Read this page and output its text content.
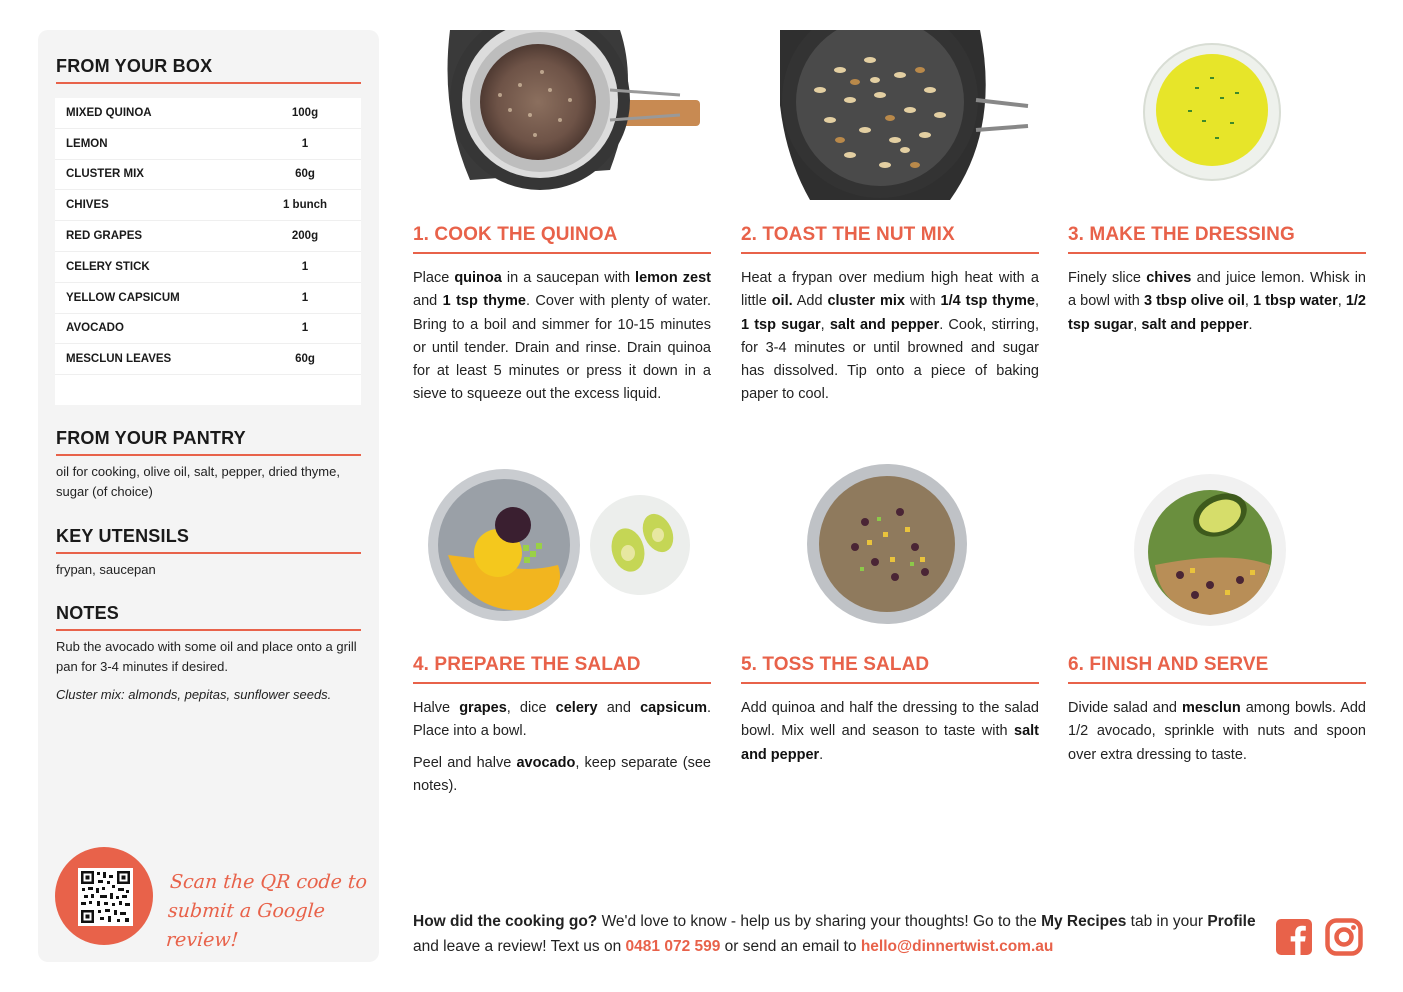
FROM YOUR BOX
MIXED QUINOA	100g
LEMON	1
CLUSTER MIX	60g
CHIVES	1 bunch
RED GRAPES	200g
CELERY STICK	1
YELLOW CAPSICUM	1
AVOCADO	1
MESCLUN LEAVES	60g
FROM YOUR PANTRY
oil for cooking, olive oil, salt, pepper, dried thyme, sugar (of choice)
KEY UTENSILS
frypan, saucepan
NOTES
Rub the avocado with some oil and place onto a grill pan for 3-4 minutes if desired.
Cluster mix: almonds, pepitas, sunflower seeds.
Scan the QR code to
submit a Google review!
1. COOK THE QUINOA

Place quinoa in a saucepan with lemon zest and 1 tsp thyme. Cover with plenty of water. Bring to a boil and simmer for 10-15 minutes or until tender. Drain and rinse. Drain quinoa for at least 5 minutes or press it down in a sieve to squeeze out the excess liquid.

2. TOAST THE NUT MIX

Heat a frypan over medium high heat with a little oil. Add cluster mix with 1/4 tsp thyme, 1 tsp sugar, salt and pepper. Cook, stirring, for 3-4 minutes or until browned and sugar has dissolved. Tip onto a piece of baking paper to cool.

3. MAKE THE DRESSING

Finely slice chives and juice lemon. Whisk in a bowl with 3 tbsp olive oil, 1 tbsp water, 1/2 tsp sugar, salt and pepper.

4. PREPARE THE SALAD

Halve grapes, dice celery and capsicum. Place into a bowl.

Peel and halve avocado, keep separate (see notes).

5. TOSS THE SALAD

Add quinoa and half the dressing to the salad bowl. Mix well and season to taste with salt and pepper.

6. FINISH AND SERVE

Divide salad and mesclun among bowls. Add 1/2 avocado, sprinkle with nuts and spoon over extra dressing to taste.

How did the cooking go? We'd love to know - help us by sharing your thoughts! Go to the My Recipes tab in your Profile and leave a review! Text us on 0481 072 599 or send an email to hello@dinnertwist.com.au
